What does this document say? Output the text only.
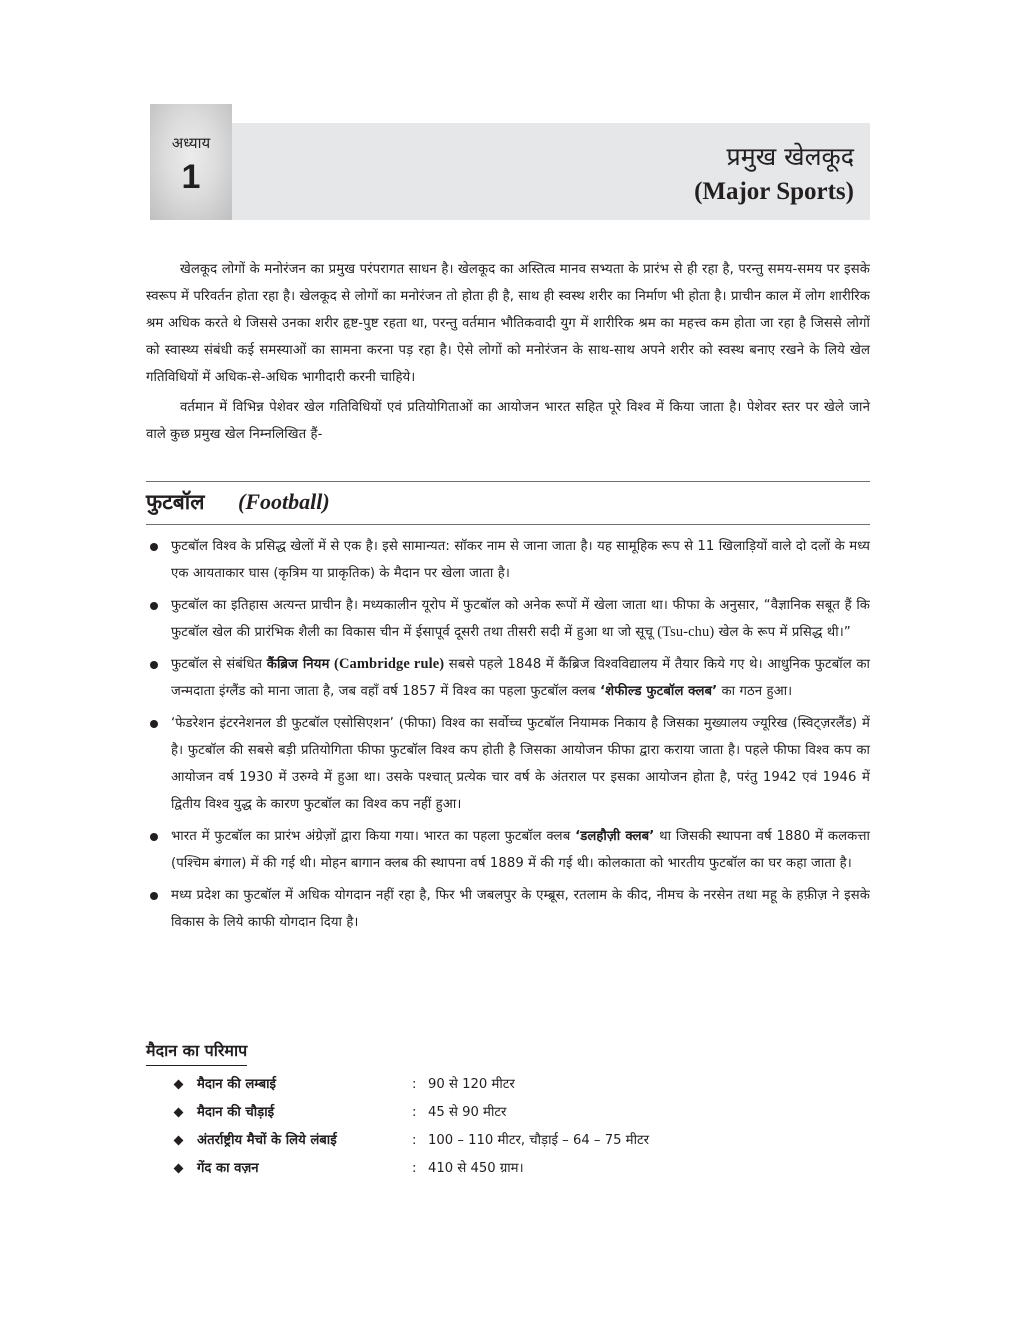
अध्याय
1
प्रमुख खेलकूद
(Major Sports)

खेलकूद लोगों के मनोरंजन का प्रमुख परंपरागत साधन है। खेलकूद का अस्तित्व मानव सभ्यता के प्रारंभ से ही रहा है, परन्तु समय-समय पर इसके स्वरूप में परिवर्तन होता रहा है। खेलकूद से लोगों का मनोरंजन तो होता ही है, साथ ही स्वस्थ शरीर का निर्माण भी होता है। प्राचीन काल में लोग शारीरिक श्रम अधिक करते थे जिससे उनका शरीर हृष्ट-पुष्ट रहता था, परन्तु वर्तमान भौतिकवादी युग में शारीरिक श्रम का महत्त्व कम होता जा रहा है जिससे लोगों को स्वास्थ्य संबंधी कई समस्याओं का सामना करना पड़ रहा है। ऐसे लोगों को मनोरंजन के साथ-साथ अपने शरीर को स्वस्थ बनाए रखने के लिये खेल गतिविधियों में अधिक-से-अधिक भागीदारी करनी चाहिये।

वर्तमान में विभिन्न पेशेवर खेल गतिविधियों एवं प्रतियोगिताओं का आयोजन भारत सहित पूरे विश्व में किया जाता है। पेशेवर स्तर पर खेले जाने वाले कुछ प्रमुख खेल निम्नलिखित हैं-

फुटबॉल (Football)
फुटबॉल विश्व के प्रसिद्ध खेलों में से एक है। इसे सामान्यत: सॉकर नाम से जाना जाता है। यह सामूहिक रूप से 11 खिलाड़ियों वाले दो दलों के मध्य एक आयताकार घास (कृत्रिम या प्राकृतिक) के मैदान पर खेला जाता है।
फुटबॉल का इतिहास अत्यन्त प्राचीन है। मध्यकालीन यूरोप में फुटबॉल को अनेक रूपों में खेला जाता था। फीफा के अनुसार, “वैज्ञानिक सबूत हैं कि फुटबॉल खेल की प्रारंभिक शैली का विकास चीन में ईसापूर्व दूसरी तथा तीसरी सदी में हुआ था जो सूचू (Tsu-chu) खेल के रूप में प्रसिद्ध थी।”
फुटबॉल से संबंधित कैंब्रिज नियम (Cambridge rule) सबसे पहले 1848 में कैंब्रिज विश्वविद्यालय में तैयार किये गए थे। आधुनिक फुटबॉल का जन्मदाता इंग्लैंड को माना जाता है, जब वहाँ वर्ष 1857 में विश्व का पहला फुटबॉल क्लब ‘शेफील्ड फुटबॉल क्लब’ का गठन हुआ।
‘फेडरेशन इंटरनेशनल डी फुटबॉल एसोसिएशन’ (फीफा) विश्व का सर्वोच्च फुटबॉल नियामक निकाय है जिसका मुख्यालय ज्यूरिख (स्विट्ज़रलैंड) में है। फुटबॉल की सबसे बड़ी प्रतियोगिता फीफा फुटबॉल विश्व कप होती है जिसका आयोजन फीफा द्वारा कराया जाता है। पहले फीफा विश्व कप का आयोजन वर्ष 1930 में उरुग्वे में हुआ था। उसके पश्चात् प्रत्येक चार वर्ष के अंतराल पर इसका आयोजन होता है, परंतु 1942 एवं 1946 में द्वितीय विश्व युद्ध के कारण फुटबॉल का विश्व कप नहीं हुआ।
भारत में फुटबॉल का प्रारंभ अंग्रेज़ों द्वारा किया गया। भारत का पहला फुटबॉल क्लब ‘डलहौज़ी क्लब’ था जिसकी स्थापना वर्ष 1880 में कलकत्ता (पश्चिम बंगाल) में की गई थी। मोहन बागान क्लब की स्थापना वर्ष 1889 में की गई थी। कोलकाता को भारतीय फुटबॉल का घर कहा जाता है।
मध्य प्रदेश का फुटबॉल में अधिक योगदान नहीं रहा है, फिर भी जबलपुर के एम्ब्रूस, रतलाम के कीद, नीमच के नरसेन तथा महू के हफ़ीज़ ने इसके विकास के लिये काफी योगदान दिया है।
मैदान का परिमाप
मैदान की लम्बाई	: 90 से 120 मीटर
मैदान की चौड़ाई	: 45 से 90 मीटर
अंतर्राष्ट्रीय मैचों के लिये लंबाई	: 100 – 110 मीटर, चौड़ाई – 64 – 75 मीटर
गेंद का वज़न	: 410 से 450 ग्राम।
